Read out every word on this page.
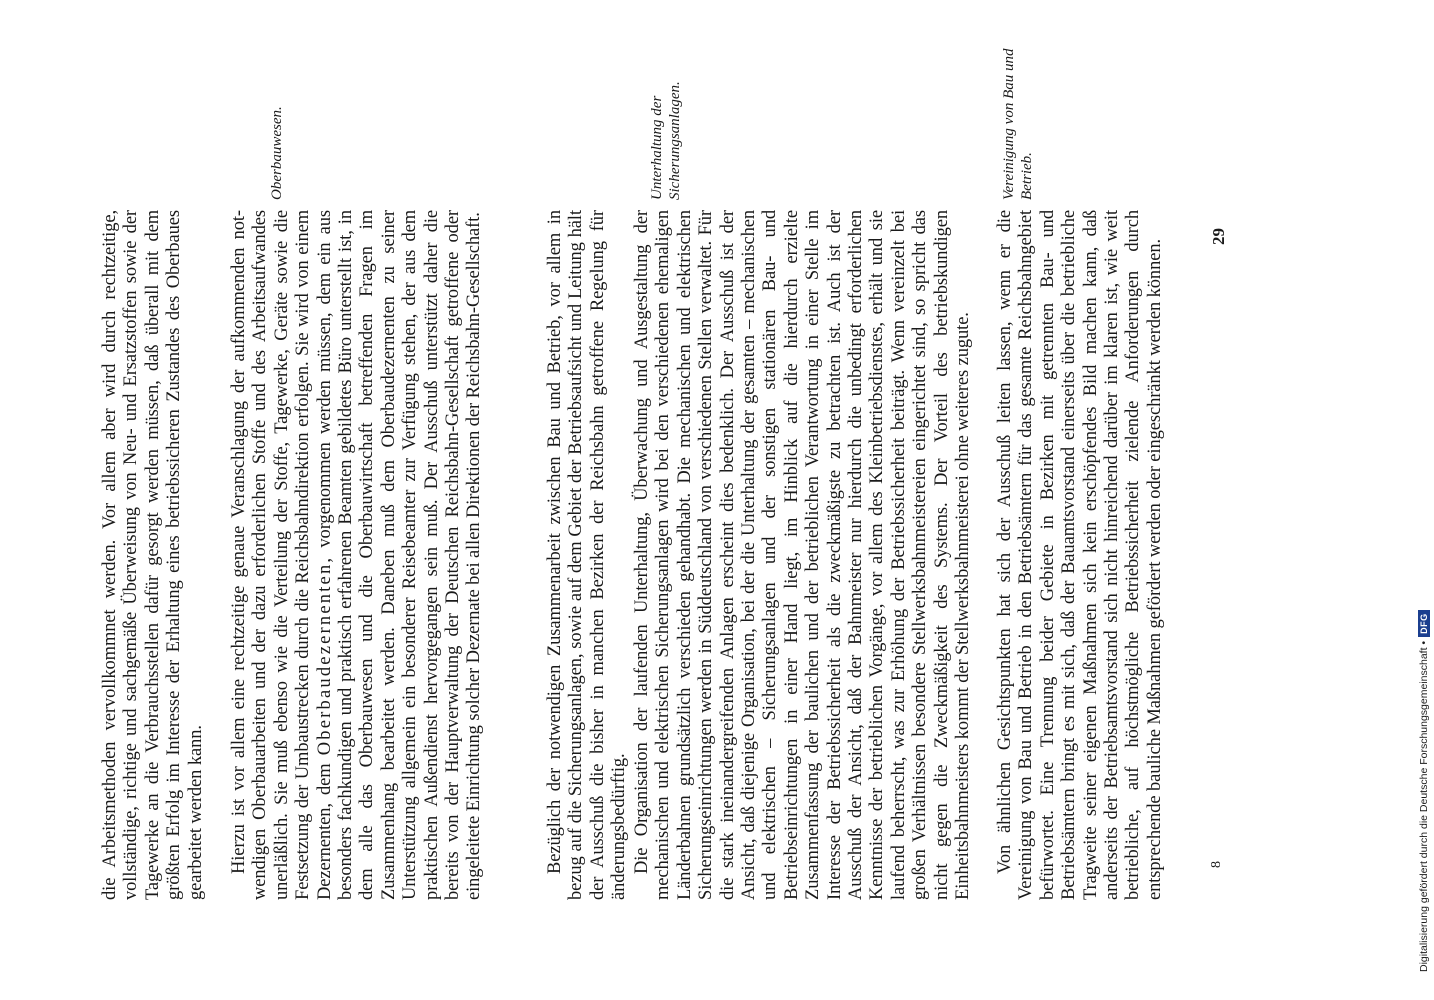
die Arbeitsmethoden vervollkommnet werden. Vor allem aber wird durch rechtzeitige, vollständige, richtige und sachgemäße Überweisung von Neu- und Ersatzstoffen sowie der Tagewerke an die Verbrauchsstellen dafür gesorgt werden müssen, daß überall mit dem größten Erfolg im Interesse der Erhaltung eines betriebssicheren Zustandes des Oberbaues gearbeitet werden kann. Hierzu ist vor allem eine rechtzeitige genaue Veranschlagung der aufkommenden not- wendigen Oberbauarbeiten und der dazu erforderlichen Stoffe und des Arbeitsaufwandes unerläßlich. Sie muß ebenso wie die Verteilung der Stoffe, Tagewerke, Geräte sowie die Festsetzung der Umbaustrecken durch die Reichsbahndirektion erfolgen. Sie wird von einem Dezernenten, dem Oberbaudezernenten, vorgenommen werden müssen, dem ein aus besonders fachkundigen und praktisch erfahrenen Beamten gebildetes Büro unterstellt ist, in dem alle das Oberbauwesen und die Oberbauwirtschaft betreffenden Fragen im Zusammenhang bearbeitet werden. Daneben muß dem Oberbaudezernenten zu seiner Unterstützung allgemein ein besonderer Reisebeamter zur Verfügung stehen, der aus dem praktischen Außendienst hervorgegangen sein muß. Der Ausschuß unterstützt daher die bereits von der Hauptverwaltung der Deutschen Reichsbahn-Gesellschaft getroffene oder eingeleitete Einrichtung solcher Dezernate bei allen Direktionen der Reichsbahn-Gesellschaft.	Bezüglich der notwendigen Zusammenarbeit zwischen Bau und Betrieb, vor allem in bezug auf die Sicherungsanlagen, sowie auf dem Gebiet der Betriebsaufsicht und Leitung hält der Ausschuß die bisher in manchen Bezirken der Reichsbahn getroffene Regelung für änderungsbedürftig. Die Organisation der laufenden Unterhaltung, Überwachung und Ausgestaltung der mechanischen und elektrischen Sicherungsanlagen wird bei den verschiedenen ehemaligen Länderbahnen grundsätzlich verschieden gehandhabt. Die mechanischen und elektrischen Sicherungseinrichtungen werden in Süddeutschland von verschiedenen Stellen verwaltet. Für die stark ineinandergreifenden Anlagen erscheint dies bedenklich. Der Ausschuß ist der Ansicht, daß diejenige Organisation, bei der die Unterhaltung der gesamten – mechanischen und elektrischen – Sicherungsanlagen und der sonstigen stationären Bau- und Betriebseinrichtungen in einer Hand liegt, im Hinblick auf die hierdurch erzielte Zusammenfassung der baulichen und der betrieblichen Verantwortung in einer Stelle im Interesse der Betriebssicherheit als die zweckmäßigste zu betrachten ist. Auch ist der Ausschuß der Ansicht, daß der Bahnmeister nur hierdurch die unbedingt erforderlichen Kenntnisse der betrieblichen Vorgänge, vor allem des Kleinbetriebsdienstes, erhält und sie laufend beherrscht, was zur Erhöhung der Betriebssicherheit beiträgt. Wenn vereinzelt bei großen Verhältnissen besondere Stellwerksbahnmeistereien eingerichtet sind, so spricht das nicht gegen die Zweckmäßigkeit des Systems. Der Vorteil des betriebskundigen Einheitsbahnmeisters kommt der Stellwerksbahnmeisterei ohne weiteres zugute. Von ähnlichen Gesichtspunkten hat sich der Ausschuß leiten lassen, wenn er die Vereinigung von Bau und Betrieb in den Betriebsämtern für das gesamte Reichsbahngebiet befürwortet. Eine Trennung beider Gebiete in Bezirken mit getrennten Bau- und Betriebsämtern bringt es mit sich, daß der Bauamtsvorstand einerseits über die betriebliche Tragweite seiner eigenen Maßnahmen sich kein erschöpfendes Bild machen kann, daß anderseits der Betriebsamtsvorstand sich nicht hinreichend darüber im klaren ist, wie weit betriebliche, auf höchstmögliche Betriebssicherheit zielende Anforderungen durch entsprechende bauliche Maßnahmen gefördert werden oder eingeschränkt werden können.

Oberbauwesen.	Unterhaltung der Sicherungsanlagen.	Vereinigung von Bau und Betrieb.

8
29
Digitalisierung gefördert durch die Deutsche Forschungsgemeinschaft •
DFG
